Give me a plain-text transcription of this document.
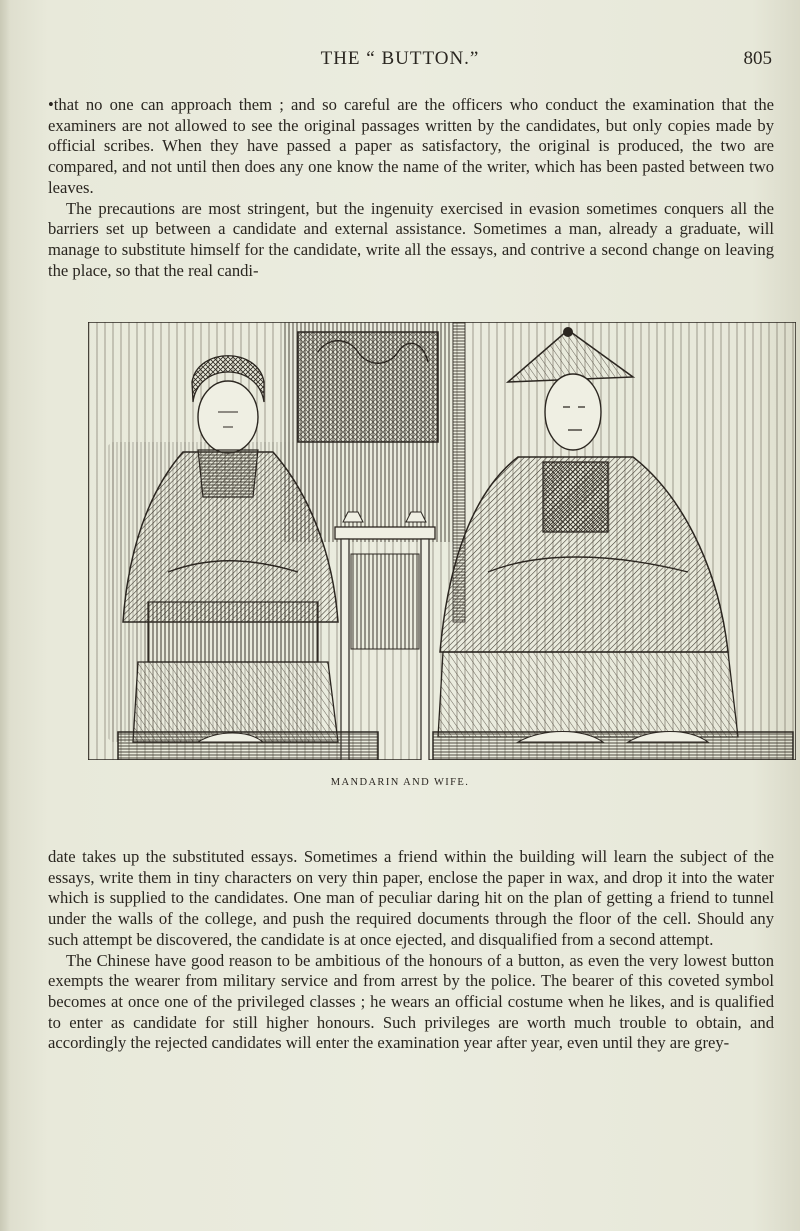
THE “ BUTTON.”	805

•that no one can approach them ; and so careful are the officers who conduct the examination that the examiners are not allowed to see the original passages written by the candidates, but only copies made by official scribes. When they have passed a paper as satisfactory, the original is produced, the two are compared, and not until then does any one know the name of the writer, which has been pasted between two leaves.

The precautions are most stringent, but the ingenuity exercised in evasion sometimes conquers all the barriers set up between a candidate and external assistance. Sometimes a man, already a graduate, will manage to substitute himself for the candidate, write all the essays, and contrive a second change on leaving the place, so that the real candi-

MANDARIN AND WIFE.

date takes up the substituted essays. Sometimes a friend within the building will learn the subject of the essays, write them in tiny characters on very thin paper, enclose the paper in wax, and drop it into the water which is supplied to the candidates. One man of peculiar daring hit on the plan of getting a friend to tunnel under the walls of the college, and push the required documents through the floor of the cell. Should any such attempt be discovered, the candidate is at once ejected, and disqualified from a second attempt.

The Chinese have good reason to be ambitious of the honours of a button, as even the very lowest button exempts the wearer from military service and from arrest by the police. The bearer of this coveted symbol becomes at once one of the privileged classes ; he wears an official costume when he likes, and is qualified to enter as candidate for still higher honours. Such privileges are worth much trouble to obtain, and accordingly the rejected candidates will enter the examination year after year, even until they are grey-
